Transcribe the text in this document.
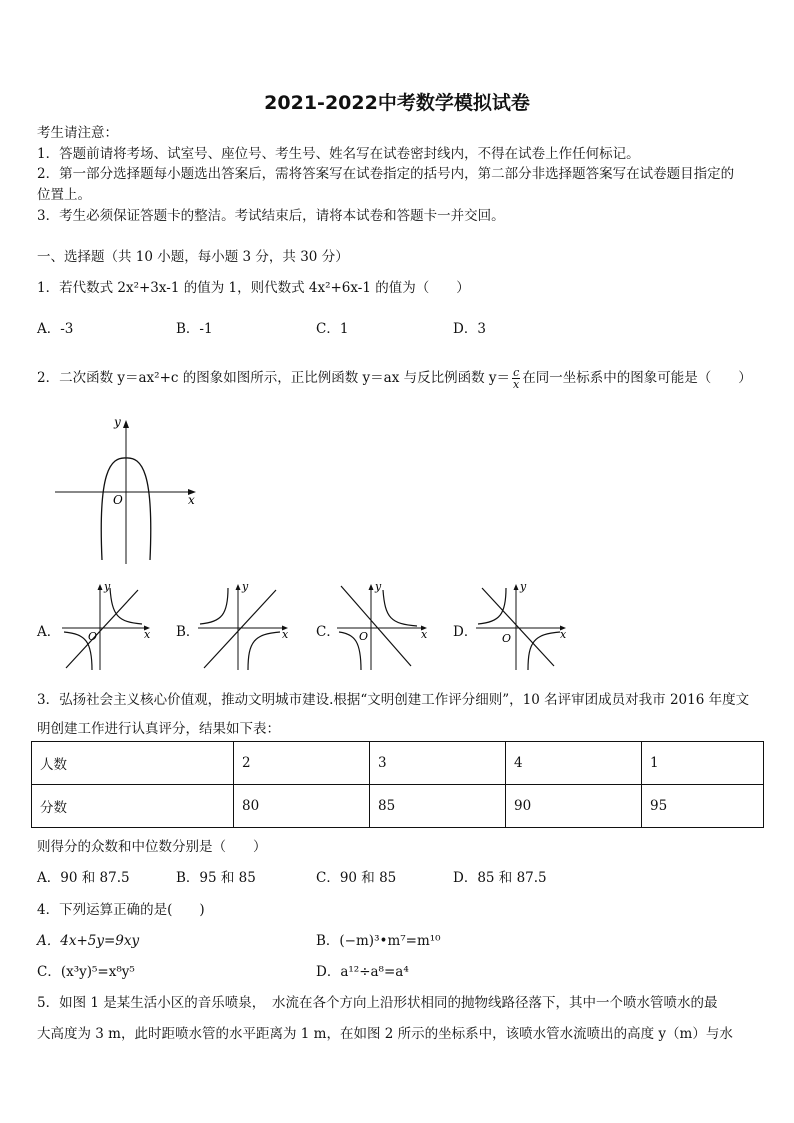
2021-2022中考数学模拟试卷
考生请注意：
1．答题前请将考场、试室号、座位号、考生号、姓名写在试卷密封线内，不得在试卷上作任何标记。
2．第一部分选择题每小题选出答案后，需将答案写在试卷指定的括号内，第二部分非选择题答案写在试卷题目指定的
位置上。
3．考生必须保证答题卡的整洁。考试结束后，请将本试卷和答题卡一并交回。
一、选择题（共 10 小题，每小题 3 分，共 30 分）
1．若代数式 2x²+3x-1 的值为 1，则代数式 4x²+6x-1 的值为（　　）
A．-3	B．-1	C．1	D．3
2．二次函数 y＝ax²+c 的图象如图所示，正比例函数 y＝ax 与反比例函数 $y= \frac{c}{x}$ 在同一坐标系中的图象可能是（　　）
x
y
O
A．	x
y
O	B．	x
y
C．	x
y
O	D．	x
y
O
3．弘扬社会主义核心价值观，推动文明城市建设.根据“文明创建工作评分细则”，10 名评审团成员对我市 2016 年度文
明创建工作进行认真评分，结果如下表：
人数	2	3	4	1
分数	80	85	90	95
则得分的众数和中位数分别是（　　）
A．90 和 87.5	B．95 和 85	C．90 和 85	D．85 和 87.5
4．下列运算正确的是(　　)
A．4x+5y=9xy	B．(−m)³•m⁷=m¹⁰
C．(x³y)⁵=x⁸y⁵	D．a¹²÷a⁸=a⁴
5．如图 1 是某生活小区的音乐喷泉，　水流在各个方向上沿形状相同的抛物线路径落下，其中一个喷水管喷水的最
大高度为 3 m，此时距喷水管的水平距离为 1 m，在如图 2 所示的坐标系中，该喷水管水流喷出的高度 y（m）与水
